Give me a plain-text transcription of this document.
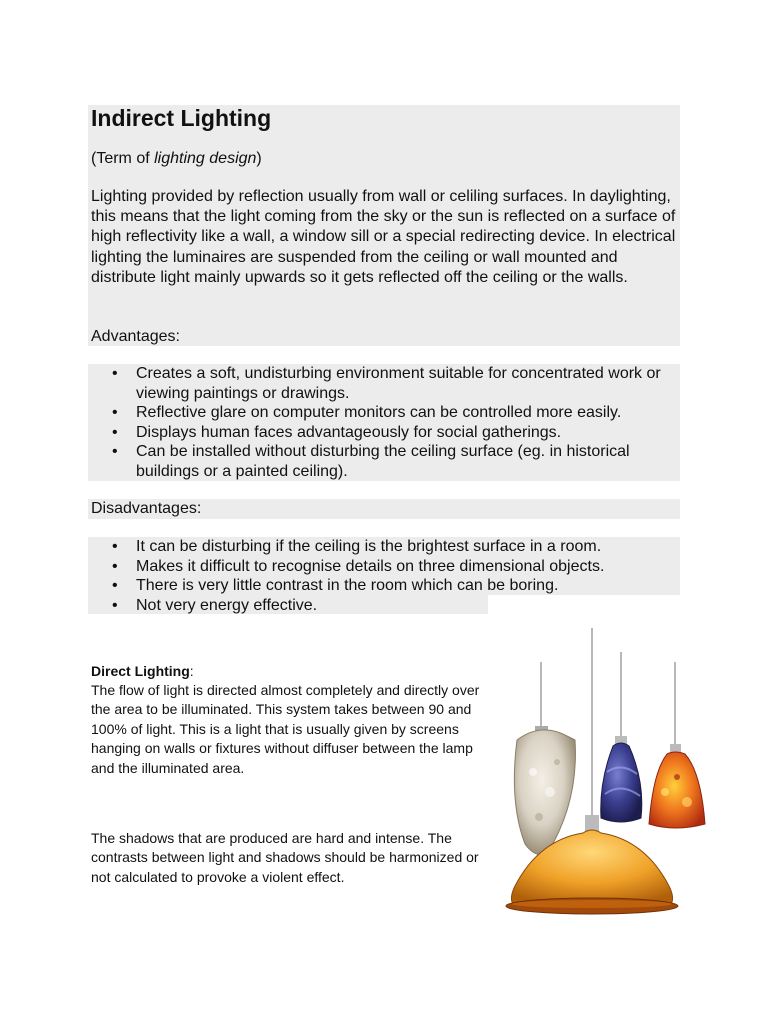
Indirect Lighting
(Term of lighting design)
Lighting provided by reflection usually from wall or celiling surfaces. In daylighting, this means that the light coming from the sky or the sun is reflected on a surface of high reflectivity like a wall, a window sill or a special redirecting device. In electrical lighting the luminaires are suspended from the ceiling or wall mounted and distribute light mainly upwards so it gets reflected off the ceiling or the walls.
Advantages:
• Creates a soft, undisturbing environment suitable for concentrated work or viewing paintings or drawings.
• Reflective glare on computer monitors can be controlled more easily.
• Displays human faces advantageously for social gatherings.
• Can be installed without disturbing the ceiling surface (eg. in historical buildings or a painted ceiling).
Disadvantages:
• It can be disturbing if the ceiling is the brightest surface in a room.
• Makes it difficult to recognise details on three dimensional objects.
• There is very little contrast in the room which can be boring.
• Not very energy effective.
Direct Lighting:
The flow of light is directed almost completely and directly over the area to be illuminated. This system takes between 90 and 100% of light. This is a light that is usually given by screens hanging on walls or fixtures without diffuser between the lamp and the illuminated area.
The shadows that are produced are hard and intense. The contrasts between light and shadows should be harmonized or not calculated to provoke a violent effect.
